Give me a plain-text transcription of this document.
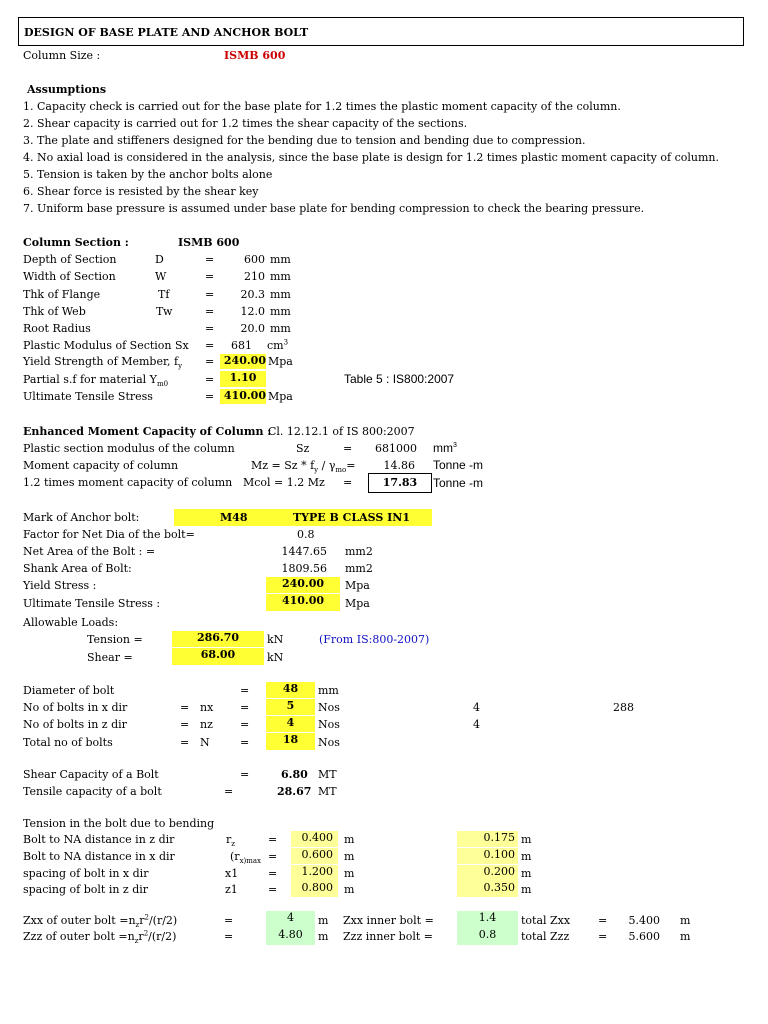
DESIGN OF BASE PLATE AND ANCHOR BOLT
Column Size :	ISMB 600
Assumptions
1. Capacity check is carried out for the base plate for 1.2 times the plastic moment capacity of the column.
2. Shear capacity is carried out for 1.2 times the shear capacity of the sections.
3. The plate and stiffeners designed for the bending due to tension and bending due to compression.
4. No axial load is considered in the analysis, since the base plate is design for 1.2 times plastic moment capacity of column.
5. Tension is taken by the anchor bolts alone
6. Shear force is resisted by the shear key
7. Uniform base pressure is assumed under base plate for bending compression to check the bearing pressure.
Column Section :	ISMB 600
Depth of Section	D	=	600 mm
Width of Section	W	=	210 mm
Thk of Flange	Tf	=	20.3 mm
Thk of Web	Tw	=	12.0 mm
Root Radius	=	20.0 mm
Plastic Modulus of Section Sx = 681 $cm^3$
Yield Strength of Member, $f_y = 240.00$ Mpa
Partial s.f for material $\Upsilon_{m0}$	=	1.10	Table 5 : IS800:2007
Ultimate Tensile Stress	= 410.00 Mpa
Enhanced Moment Capacity of Column :
Cl. 12.12.1 of IS 800:2007
Plastic section modulus of the column	Sz	=	681000 $mm^3$
Moment capacity of column	$Mz = Sz * f_y / \gamma_{mo}=$	14.86 Tonne -m
1.2 times moment capacity of column Mcol = 1.2 Mz =	17.83	Tonne -m
Mark of Anchor bolt:	M48	TYPE B CLASS IN1
Factor for Net Dia of the bolt=	0.8
Net Area of the Bolt : =	1447.65 mm2
Shank Area of Bolt:	1809.56 mm2
Yield Stress :	240.00	Mpa
Ultimate Tensile Stress :	410.00	Mpa
Allowable Loads:
Tension =	286.70	kN	(From IS:800-2007)
Shear =	68.00	kN
Diameter of bolt	=	48	mm
No of bolts in x dir	= nx =	5	Nos	4	288
No of bolts in z dir	= nz =	4	Nos	4
Total no of bolts	= N	=	18	Nos
Shear Capacity of a Bolt	=	6.80 MT
Tensile capacity of a bolt	=	28.67 MT
Tension in the bolt due to bending
Bolt to NA distance in z dir	$r_z$	=	0.400	m	0.175 m
Bolt to NA distance in x dir	($r_{x)max}$ =	0.600	m	0.100 m
spacing of bolt in x dir	x1	=	1.200	m	0.200 m
spacing of bolt in z dir	z1	=	0.800	m	0.350 m
Zxx of outer bolt $=n_zr^2/(r/2)$	=	4	m Zxx inner bolt =	1.4	total Zxx	=	5.400 m
Zzz of outer bolt $=n_zr^2/(r/2)$	=	4.80	m Zzz inner bolt =	0.8	total Zzz	=	5.600 m
